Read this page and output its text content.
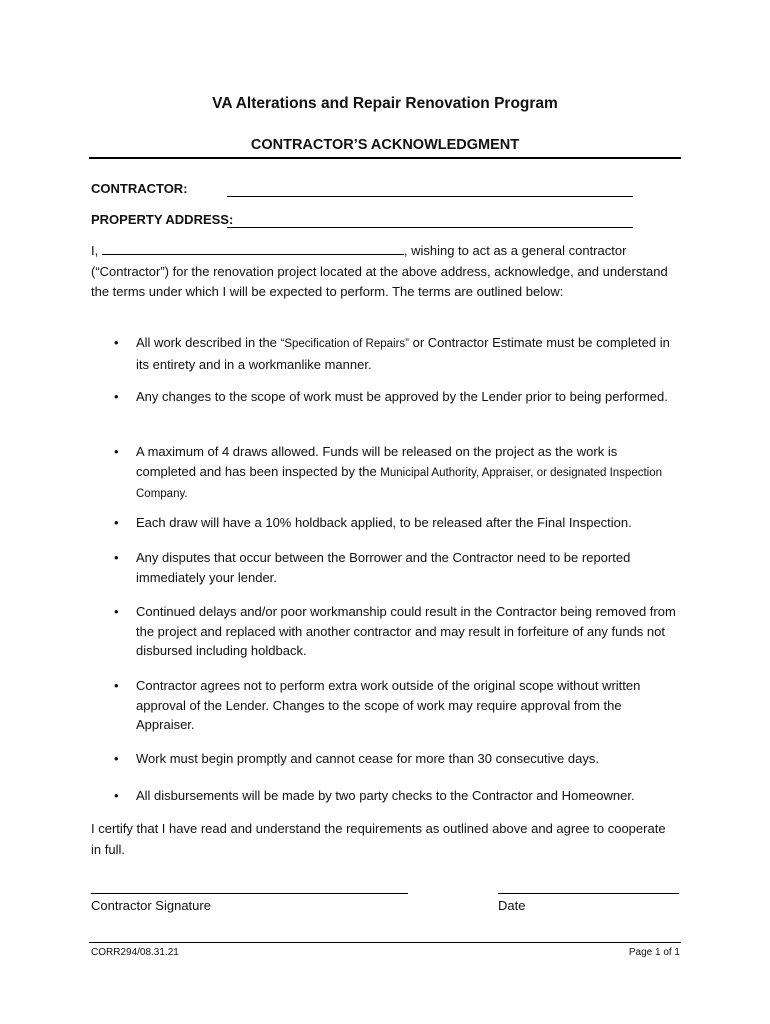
VA Alterations and Repair Renovation Program
CONTRACTOR’S ACKNOWLEDGMENT
CONTRACTOR:
PROPERTY ADDRESS:
I,	, wishing to act as a general contractor (“Contractor”) for the renovation project located at the above address, acknowledge, and understand the terms under which I will be expected to perform. The terms are outlined below:
• All work described in the “Specification of Repairs” or Contractor Estimate must be completed in its entirety and in a workmanlike manner.
• Any changes to the scope of work must be approved by the Lender prior to being performed.
• A maximum of 4 draws allowed. Funds will be released on the project as the work is completed and has been inspected by the Municipal Authority, Appraiser, or designated Inspection Company.
• Each draw will have a 10% holdback applied, to be released after the Final Inspection.
• Any disputes that occur between the Borrower and the Contractor need to be reported immediately your lender.
• Continued delays and/or poor workmanship could result in the Contractor being removed from the project and replaced with another contractor and may result in forfeiture of any funds not disbursed including holdback.
• Contractor agrees not to perform extra work outside of the original scope without written approval of the Lender. Changes to the scope of work may require approval from the Appraiser.
• Work must begin promptly and cannot cease for more than 30 consecutive days.
• All disbursements will be made by two party checks to the Contractor and Homeowner.
I certify that I have read and understand the requirements as outlined above and agree to cooperate in full.
Contractor Signature	Date
CORR294/08.31.21	Page 1 of 1
